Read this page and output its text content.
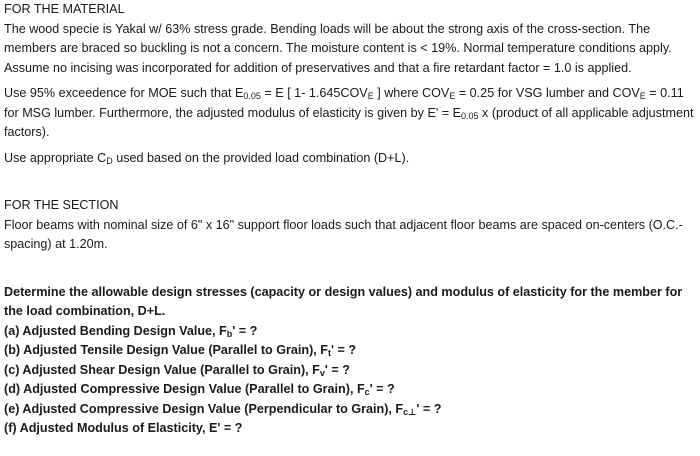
FOR THE MATERIAL

The wood specie is Yakal w/ 63% stress grade. Bending loads will be about the strong axis of the cross-section. The members are braced so buckling is not a concern. The moisture content is < 19%. Normal temperature conditions apply. Assume no incising was incorporated for addition of preservatives and that a fire retardant factor = 1.0 is applied.

Use 95% exceedence for MOE such that $E_{0.05} = E$ [ 1- $1.645COV_E$ ] where $COV_E = 0.25$ for VSG lumber and $COV_E = 0.11$ for MSG lumber. Furthermore, the adjusted modulus of elasticity is given by $E' = E_{0.05}$ x (product of all applicable adjustment factors).

Use appropriate $C_D$ used based on the provided load combination (D+L).

FOR THE SECTION

Floor beams with nominal size of 6" x 16" support floor loads such that adjacent floor beams are spaced on-centers (O.C.-spacing) at 1.20m.

Determine the allowable design stresses (capacity or design values) and modulus of elasticity for the member for the load combination, D+L.

(a) Adjusted Bending Design Value, $F_b'$ = ?

(b) Adjusted Tensile Design Value (Parallel to Grain), $F_t'$ = ?

(c) Adjusted Shear Design Value (Parallel to Grain), $F_v'$ = ?

(d) Adjusted Compressive Design Value (Parallel to Grain), $F_c'$ = ?

(e) Adjusted Compressive Design Value (Perpendicular to Grain), $F_{c\perp}'$ = ?

(f) Adjusted Modulus of Elasticity, E' = ?
